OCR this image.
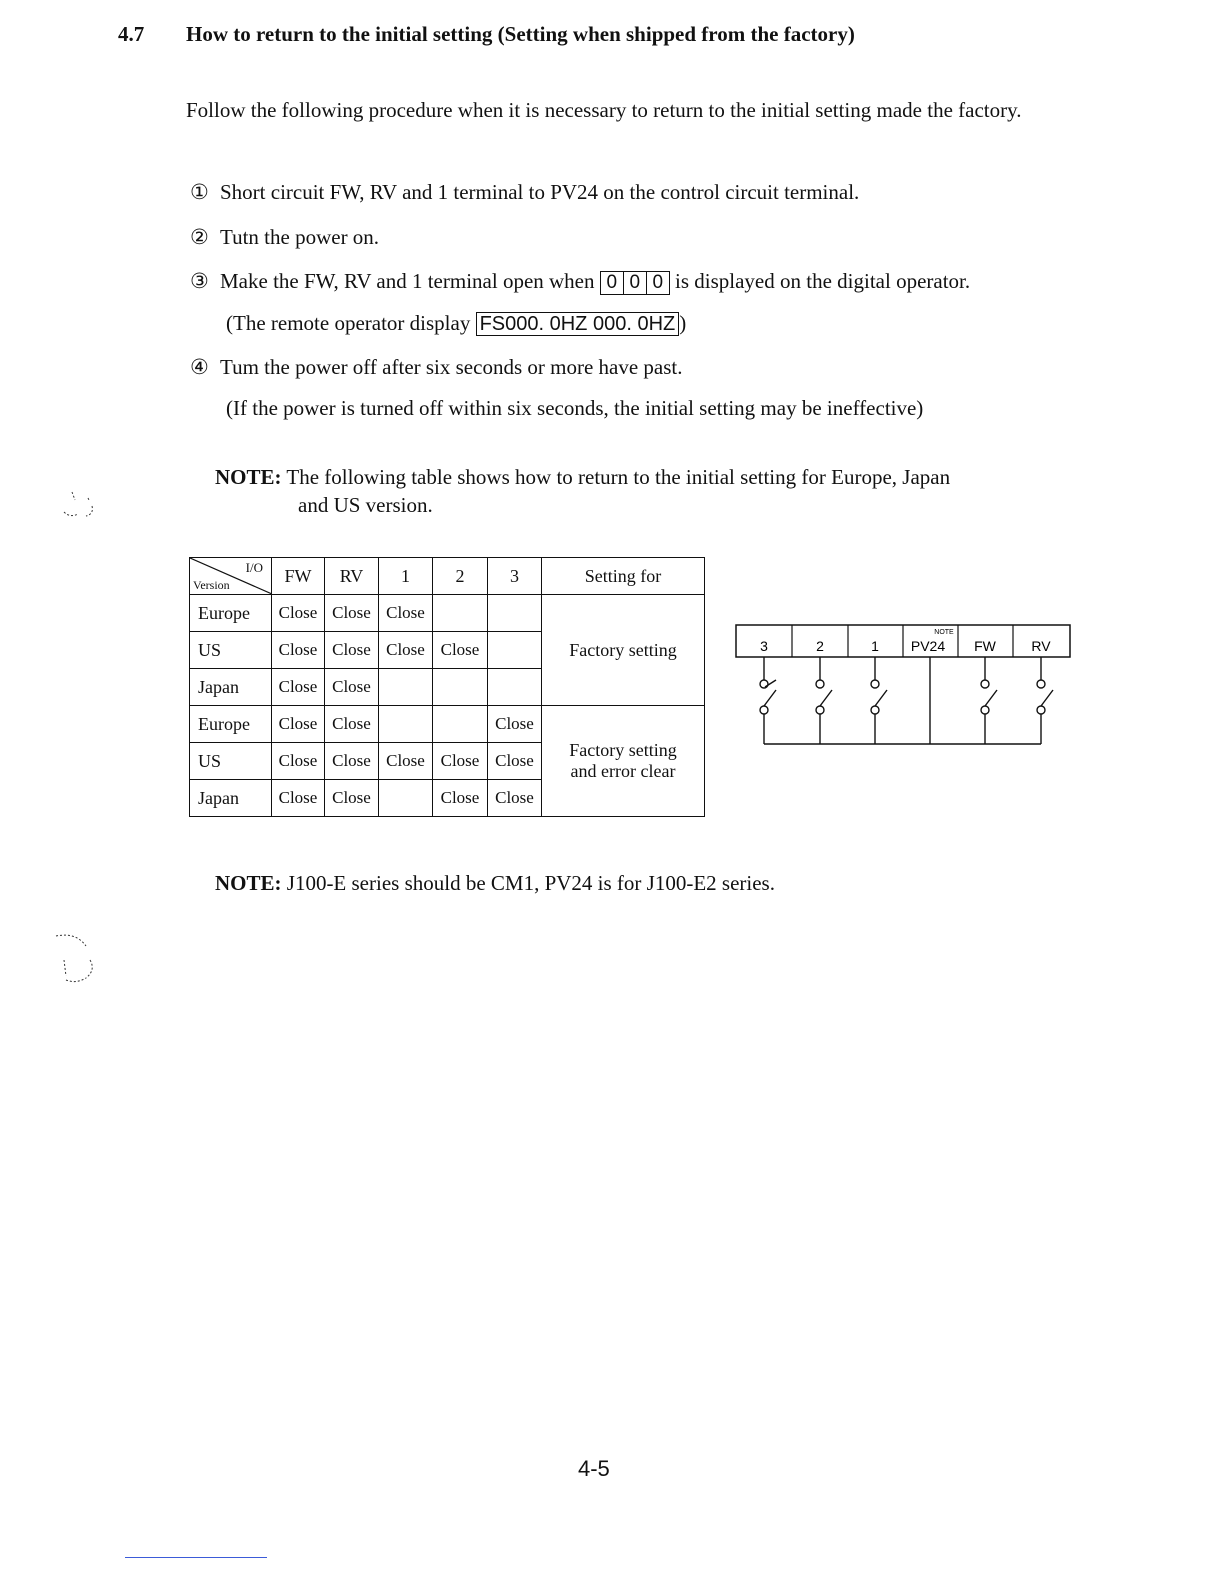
4.7 How to return to the initial setting (Setting when shipped from the factory)
Follow the following procedure when it is necessary to return to the initial setting made the factory.
① Short circuit FW, RV and 1 terminal to PV24 on the control circuit terminal.
② Tutn the power on.
③ Make the FW, RV and 1 terminal open when 0 0 0 is displayed on the digital operator.
(The remote operator display FS000. 0HZ 000. 0HZ )
④ Tum the power off after six seconds or more have past.
(If the power is turned off within six seconds, the initial setting may be ineffective)
NOTE: The following table shows how to return to the initial setting for Europe, Japan
and US version.
I/O
Version	FW	RV	1	2	3	Setting for
Europe	Close	Close	Close			Factory setting
US	Close	Close	Close	Close		
Japan	Close	Close				
Europe	Close	Close			Close	Factory setting
and error clear

US	Close	Close	Close	Close	Close	
Japan	Close	Close		Close	Close	
3	2	1 PV24
NOTE
FW	RV
NOTE: J100-E series should be CM1, PV24 is for J100-E2 series.
4-5
